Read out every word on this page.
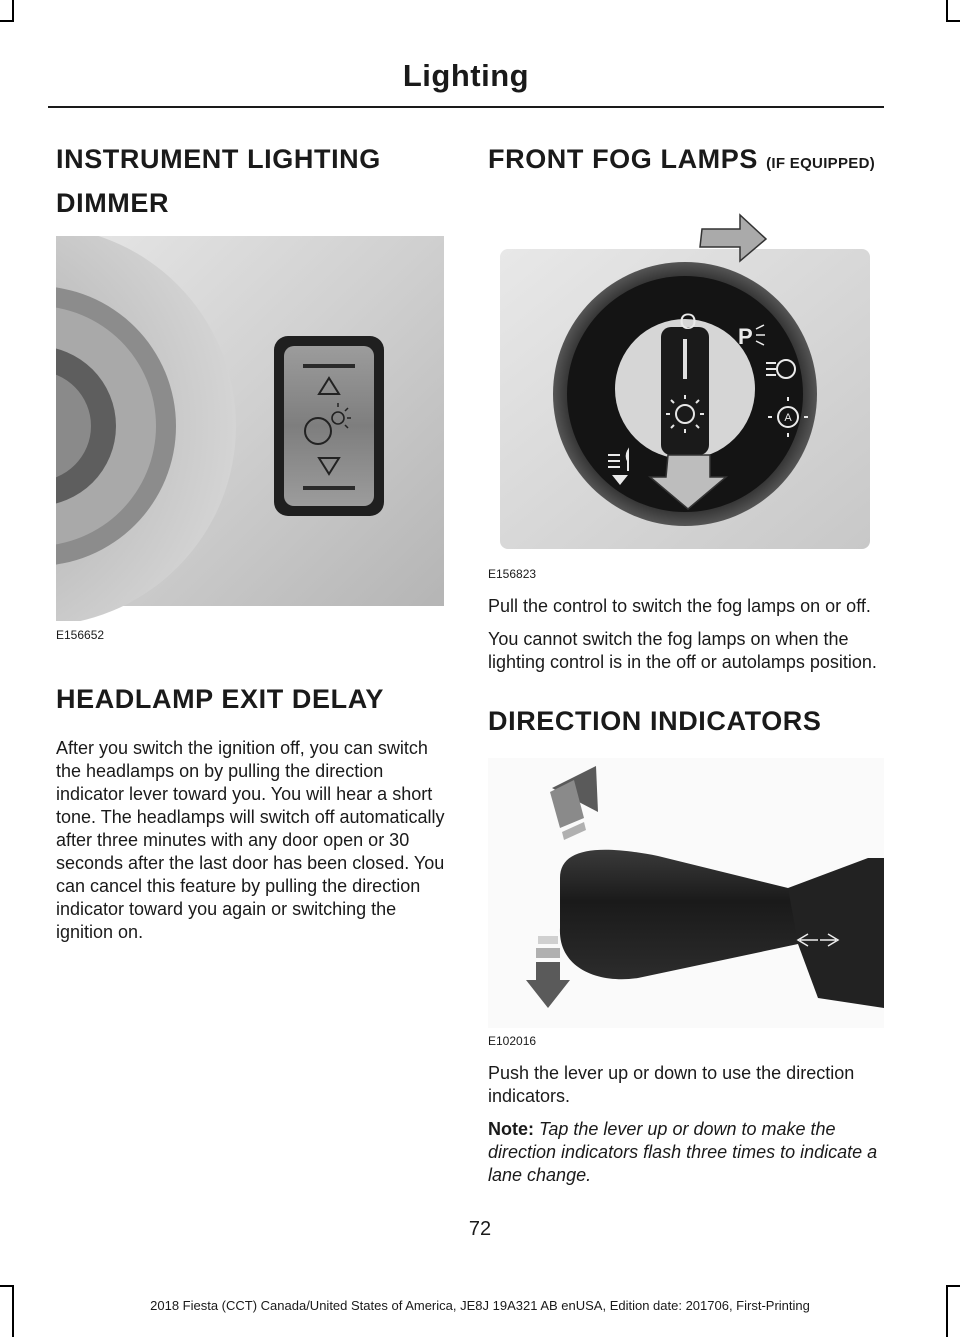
Lighting
INSTRUMENT LIGHTING
DIMMER
E156652
HEADLAMP EXIT DELAY

After you switch the ignition off, you can switch the headlamps on by pulling the direction indicator lever toward you. You will hear a short tone. The headlamps will switch off automatically after three minutes with any door open or 30 seconds after the last door has been closed. You can cancel this feature by pulling the direction indicator toward you again or switching the ignition on.

FRONT FOG LAMPS (IF EQUIPPED)
O
P
A
E156823

Pull the control to switch the fog lamps on or off.

You cannot switch the fog lamps on when the lighting control is in the off or autolamps position.

DIRECTION INDICATORS
E102016

Push the lever up or down to use the direction indicators.

Note: Tap the lever up or down to make the direction indicators flash three times to indicate a lane change.

72
2018 Fiesta (CCT) Canada/United States of America, JE8J 19A321 AB enUSA, Edition date: 201706, First-Printing
